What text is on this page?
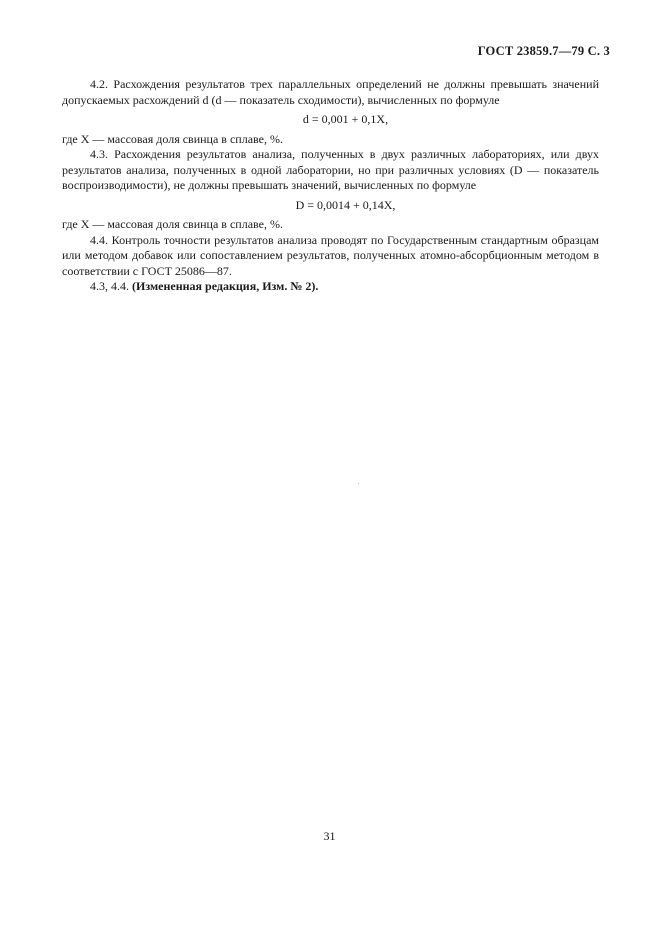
ГОСТ 23859.7—79 С. 3

4.2. Расхождения результатов трех параллельных определений не должны превышать значений допускаемых расхождений d (d — показатель сходимости), вычисленных по формуле

d = 0,001 + 0,1X,

где X — массовая доля свинца в сплаве, %.

4.3. Расхождения результатов анализа, полученных в двух различных лабораториях, или двух результатов анализа, полученных в одной лаборатории, но при различных условиях (D — показатель воспроизводимости), не должны превышать значений, вычисленных по формуле

D = 0,0014 + 0,14X,

где X — массовая доля свинца в сплаве, %.

4.4. Контроль точности результатов анализа проводят по Государственным стандартным образцам или методом добавок или сопоставлением результатов, полученных атомно-абсорбционным методом в соответствии с ГОСТ 25086—87.

4.3, 4.4. (Измененная редакция, Изм. № 2).

31
